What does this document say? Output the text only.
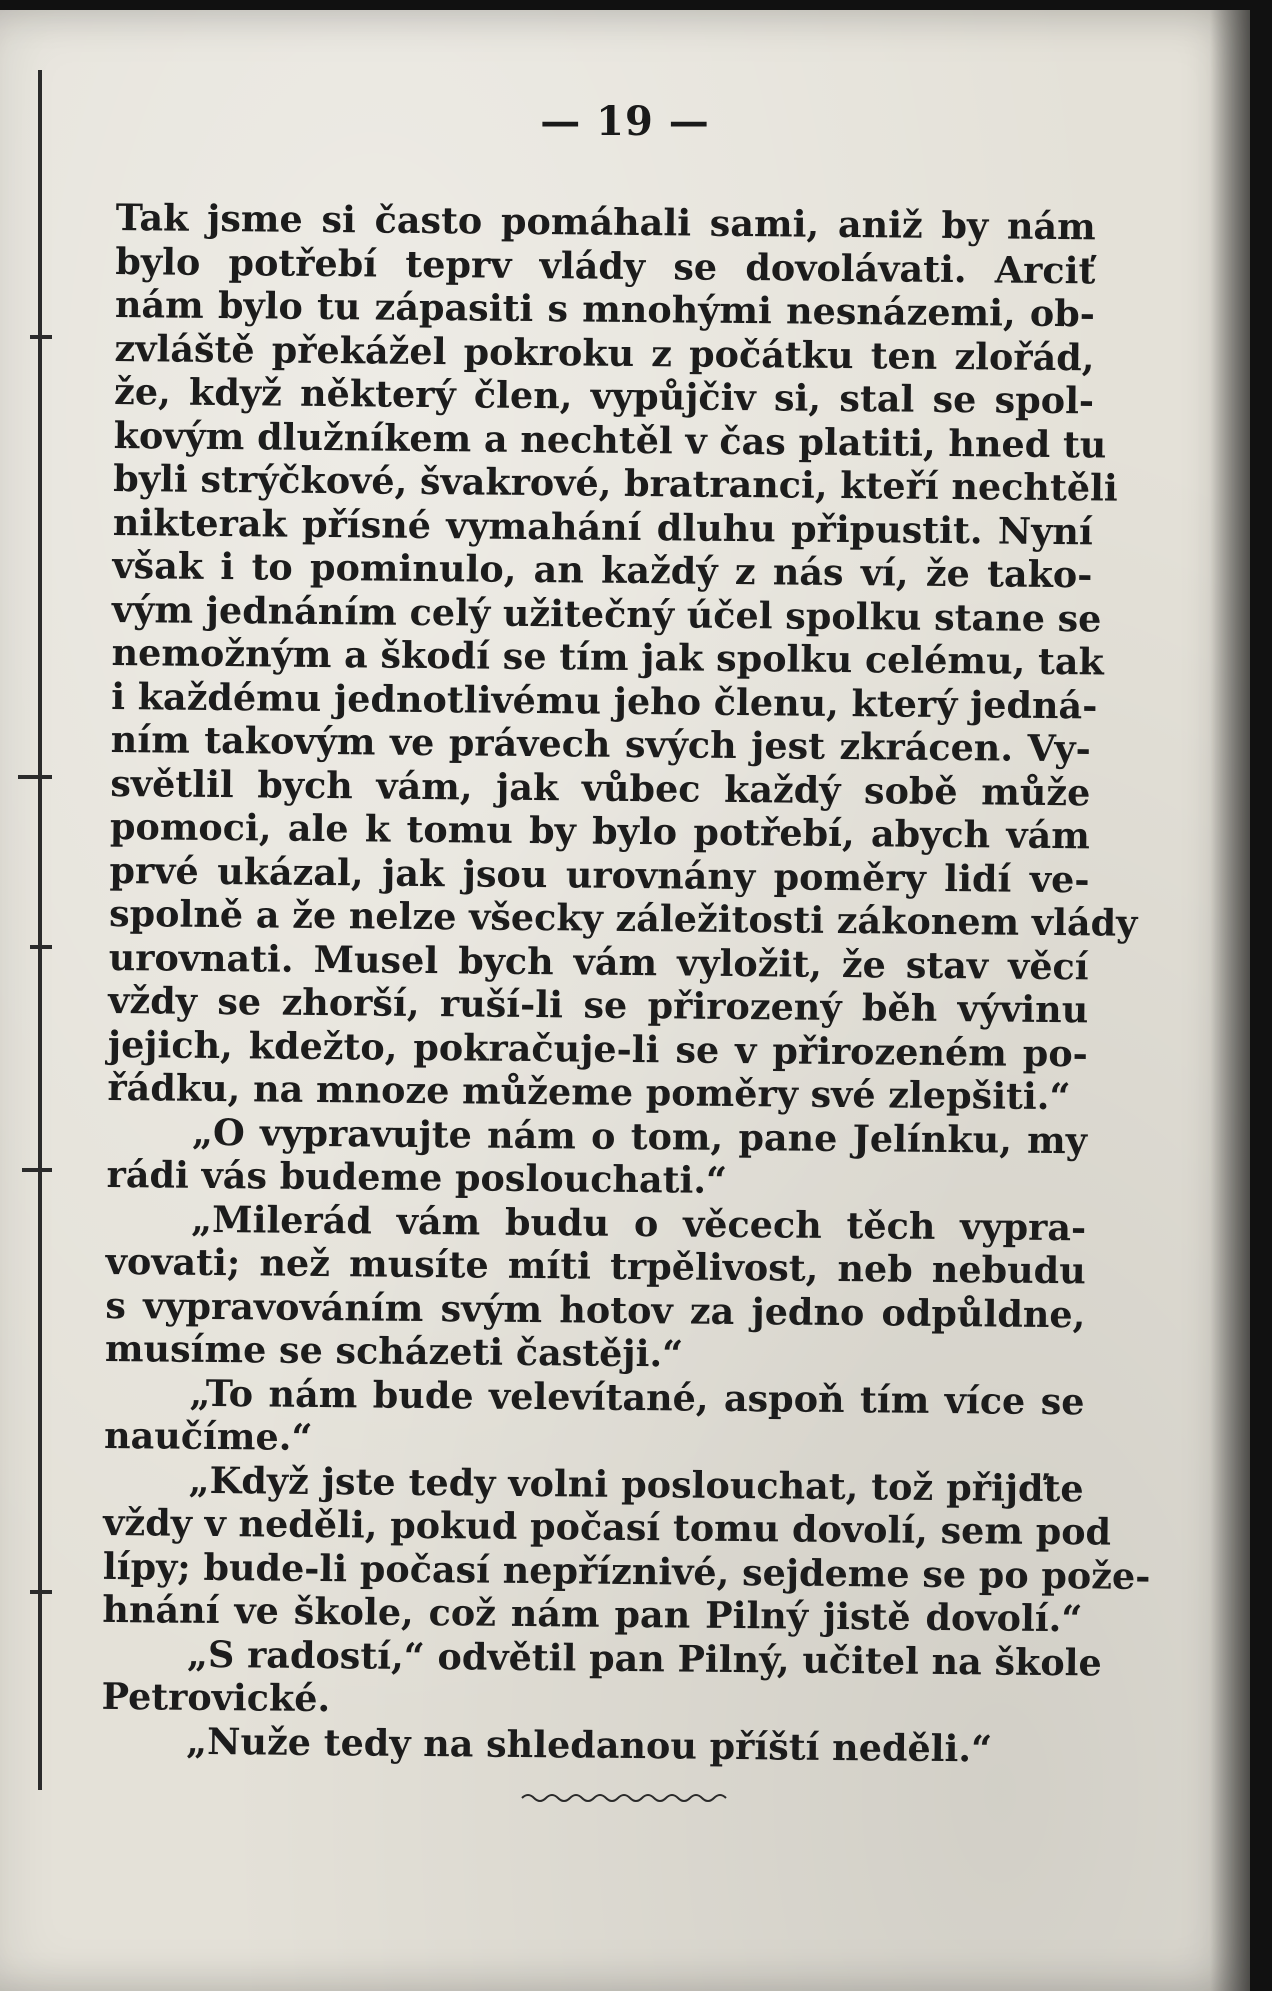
— 19 —
Tak jsme si často pomáhali sami, aniž by nám
bylo potřebí teprv vlády se dovolávati. Arciť
nám bylo tu zápasiti s mnohými nesnázemi, ob-
zvláště překážel pokroku z počátku ten zlořád,
že, když některý člen, vypůjčiv si, stal se spol-
kovým dlužníkem a nechtěl v čas platiti, hned tu
byli strýčkové, švakrové, bratranci, kteří nechtěli
nikterak přísné vymahání dluhu připustit. Nyní
však i to pominulo, an každý z nás ví, že tako-
vým jednáním celý užitečný účel spolku stane se
nemožným a škodí se tím jak spolku celému, tak
i každému jednotlivému jeho členu, který jedná-
ním takovým ve právech svých jest zkrácen. Vy-
světlil bych vám, jak vůbec každý sobě může
pomoci, ale k tomu by bylo potřebí, abych vám
prvé ukázal, jak jsou urovnány poměry lidí ve-
spolně a že nelze všecky záležitosti zákonem vlády
urovnati. Musel bych vám vyložit, že stav věcí
vždy se zhorší, ruší-li se přirozený běh vývinu
jejich, kdežto, pokračuje-li se v přirozeném po-
řádku, na mnoze můžeme poměry své zlepšiti.“
„O vypravujte nám o tom, pane Jelínku, my
rádi vás budeme poslouchati.“
„Milerád vám budu o věcech těch vypra-
vovati; než musíte míti trpělivost, neb nebudu
s vypravováním svým hotov za jedno odpůldne,
musíme se scházeti častěji.“
„To nám bude velevítané, aspoň tím více se
naučíme.“
„Když jste tedy volni poslouchat, tož přijďte
vždy v neděli, pokud počasí tomu dovolí, sem pod
lípy; bude-li počasí nepříznivé, sejdeme se po pože-
hnání ve škole, což nám pan Pilný jistě dovolí.“
„S radostí,“ odvětil pan Pilný, učitel na škole
Petrovické.
„Nuže tedy na shledanou příští neděli.“
